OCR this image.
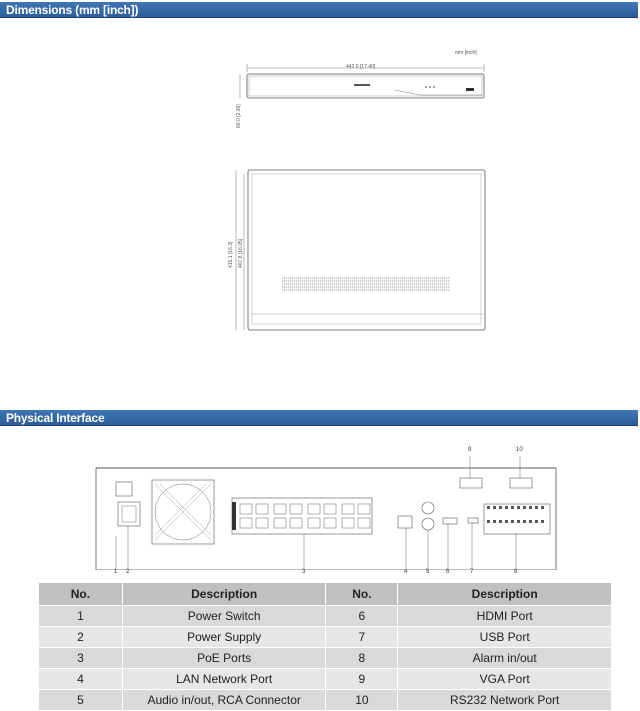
Dimensions (mm [inch])
mm [inch]
442.0 [17.40]
60.0 [2.36]
415.1 [16.3] 407.8 [16.05]
Physical Interface
1 2	3	4	5	6	7	8
9	10
No.	Description	No.	Description
1	Power Switch	6	HDMI Port
2	Power Supply	7	USB Port
3	PoE Ports	8	Alarm in/out
4	LAN Network Port	9	VGA Port
5	Audio in/out, RCA Connector	10	RS232 Network Port
